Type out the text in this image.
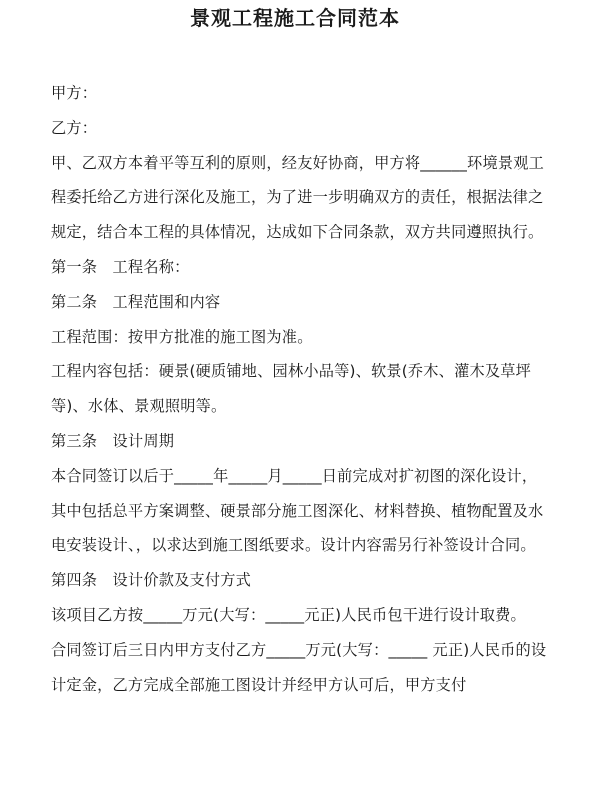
景观工程施工合同范本

甲方：

乙方：

甲、乙双方本着平等互利的原则，经友好协商，甲方将______环境景观工程委托给乙方进行深化及施工，为了进一步明确双方的责任，根据法律之规定，结合本工程的具体情况，达成如下合同条款，双方共同遵照执行。

第一条　工程名称：

第二条　工程范围和内容

工程范围：按甲方批准的施工图为准。

工程内容包括：硬景(硬质铺地、园林小品等)、软景(乔木、灌木及草坪等)、水体、景观照明等。

第三条　设计周期

本合同签订以后于_____年_____月_____日前完成对扩初图的深化设计，其中包括总平方案调整、硬景部分施工图深化、材料替换、植物配置及水电安装设计、，以求达到施工图纸要求。设计内容需另行补签设计合同。

第四条　设计价款及支付方式

该项目乙方按_____万元(大写：_____元正)人民币包干进行设计取费。

合同签订后三日内甲方支付乙方_____万元(大写：_____ 元正)人民币的设计定金，乙方完成全部施工图设计并经甲方认可后，甲方支付
